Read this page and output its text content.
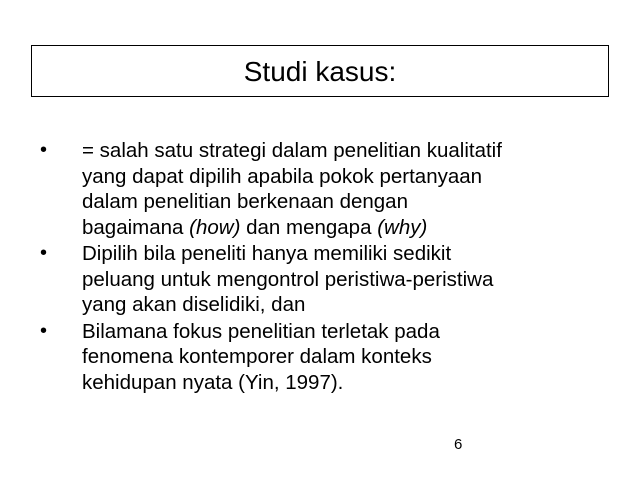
Studi kasus:
• = salah satu strategi dalam penelitian kualitatif
yang dapat dipilih apabila pokok pertanyaan
dalam penelitian berkenaan dengan
bagaimana (how) dan mengapa (why)
• Dipilih bila peneliti hanya memiliki sedikit
peluang untuk mengontrol peristiwa-peristiwa
yang akan diselidiki, dan
• Bilamana fokus penelitian terletak pada
fenomena kontemporer dalam konteks
kehidupan nyata (Yin, 1997).
6
